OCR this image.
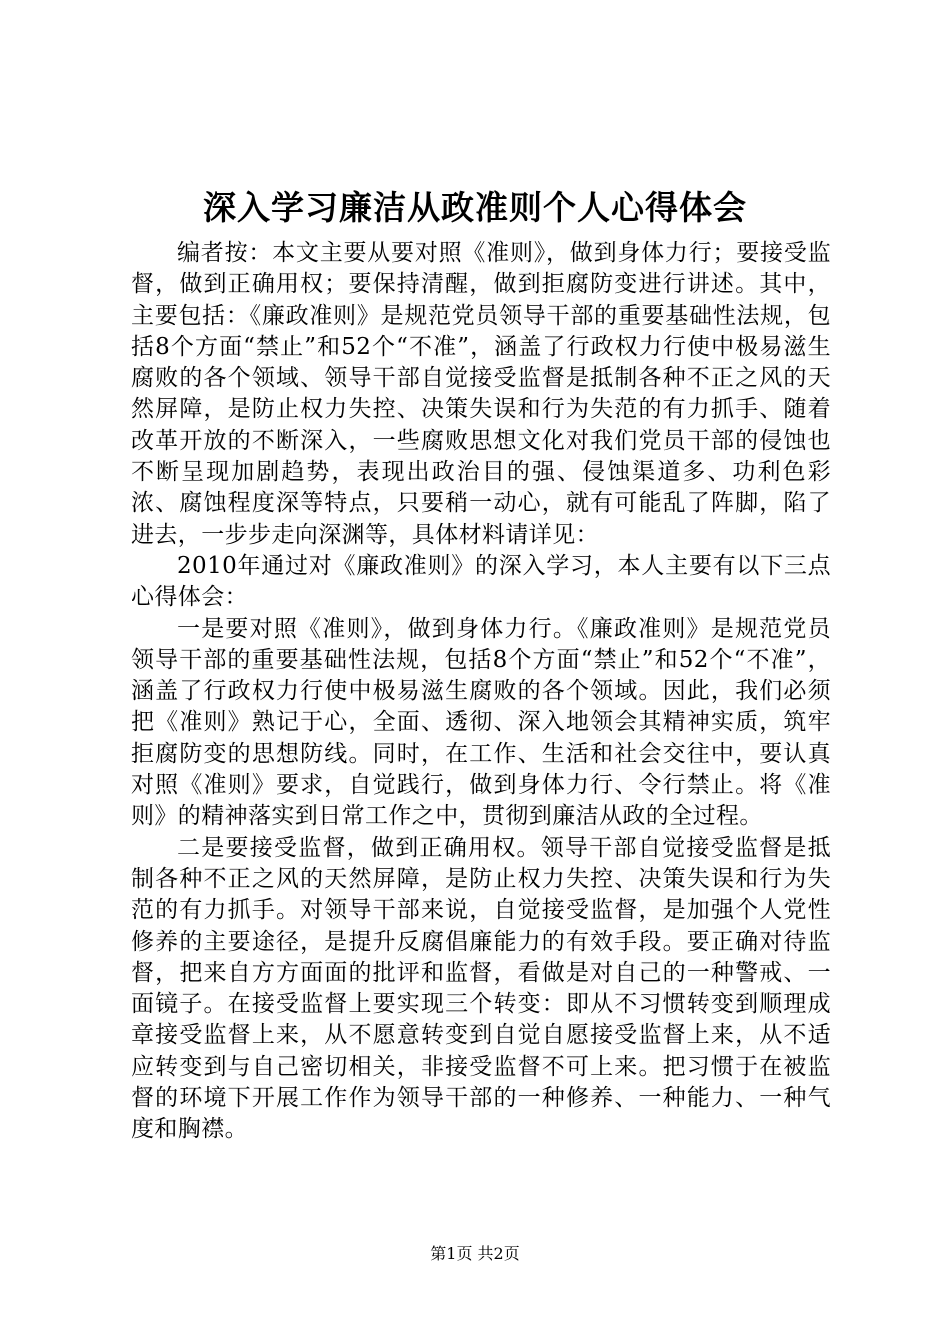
深入学习廉洁从政准则个人心得体会

编者按：本文主要从要对照《准则》，做到身体力行；要接受监督，做到正确用权；要保持清醒，做到拒腐防变进行讲述。其中，主要包括：《廉政准则》是规范党员领导干部的重要基础性法规，包括8个方面“禁止”和52个“不准”，涵盖了行政权力行使中极易滋生腐败的各个领域、领导干部自觉接受监督是抵制各种不正之风的天然屏障，是防止权力失控、决策失误和行为失范的有力抓手、随着改革开放的不断深入，一些腐败思想文化对我们党员干部的侵蚀也不断呈现加剧趋势，表现出政治目的强、侵蚀渠道多、功利色彩浓、腐蚀程度深等特点，只要稍一动心，就有可能乱了阵脚，陷了进去，一步步走向深渊等，具体材料请详见：

2010年通过对《廉政准则》的深入学习，本人主要有以下三点心得体会：

一是要对照《准则》，做到身体力行。《廉政准则》是规范党员领导干部的重要基础性法规，包括8个方面“禁止”和52个“不准”，涵盖了行政权力行使中极易滋生腐败的各个领域。因此，我们必须把《准则》熟记于心，全面、透彻、深入地领会其精神实质，筑牢拒腐防变的思想防线。同时，在工作、生活和社会交往中，要认真对照《准则》要求，自觉践行，做到身体力行、令行禁止。将《准则》的精神落实到日常工作之中，贯彻到廉洁从政的全过程。

二是要接受监督，做到正确用权。领导干部自觉接受监督是抵制各种不正之风的天然屏障，是防止权力失控、决策失误和行为失范的有力抓手。对领导干部来说，自觉接受监督，是加强个人党性修养的主要途径，是提升反腐倡廉能力的有效手段。要正确对待监督，把来自方方面面的批评和监督，看做是对自己的一种警戒、一面镜子。在接受监督上要实现三个转变：即从不习惯转变到顺理成章接受监督上来，从不愿意转变到自觉自愿接受监督上来，从不适应转变到与自己密切相关，非接受监督不可上来。把习惯于在被监督的环境下开展工作作为领导干部的一种修养、一种能力、一种气度和胸襟。

第1页 共2页
